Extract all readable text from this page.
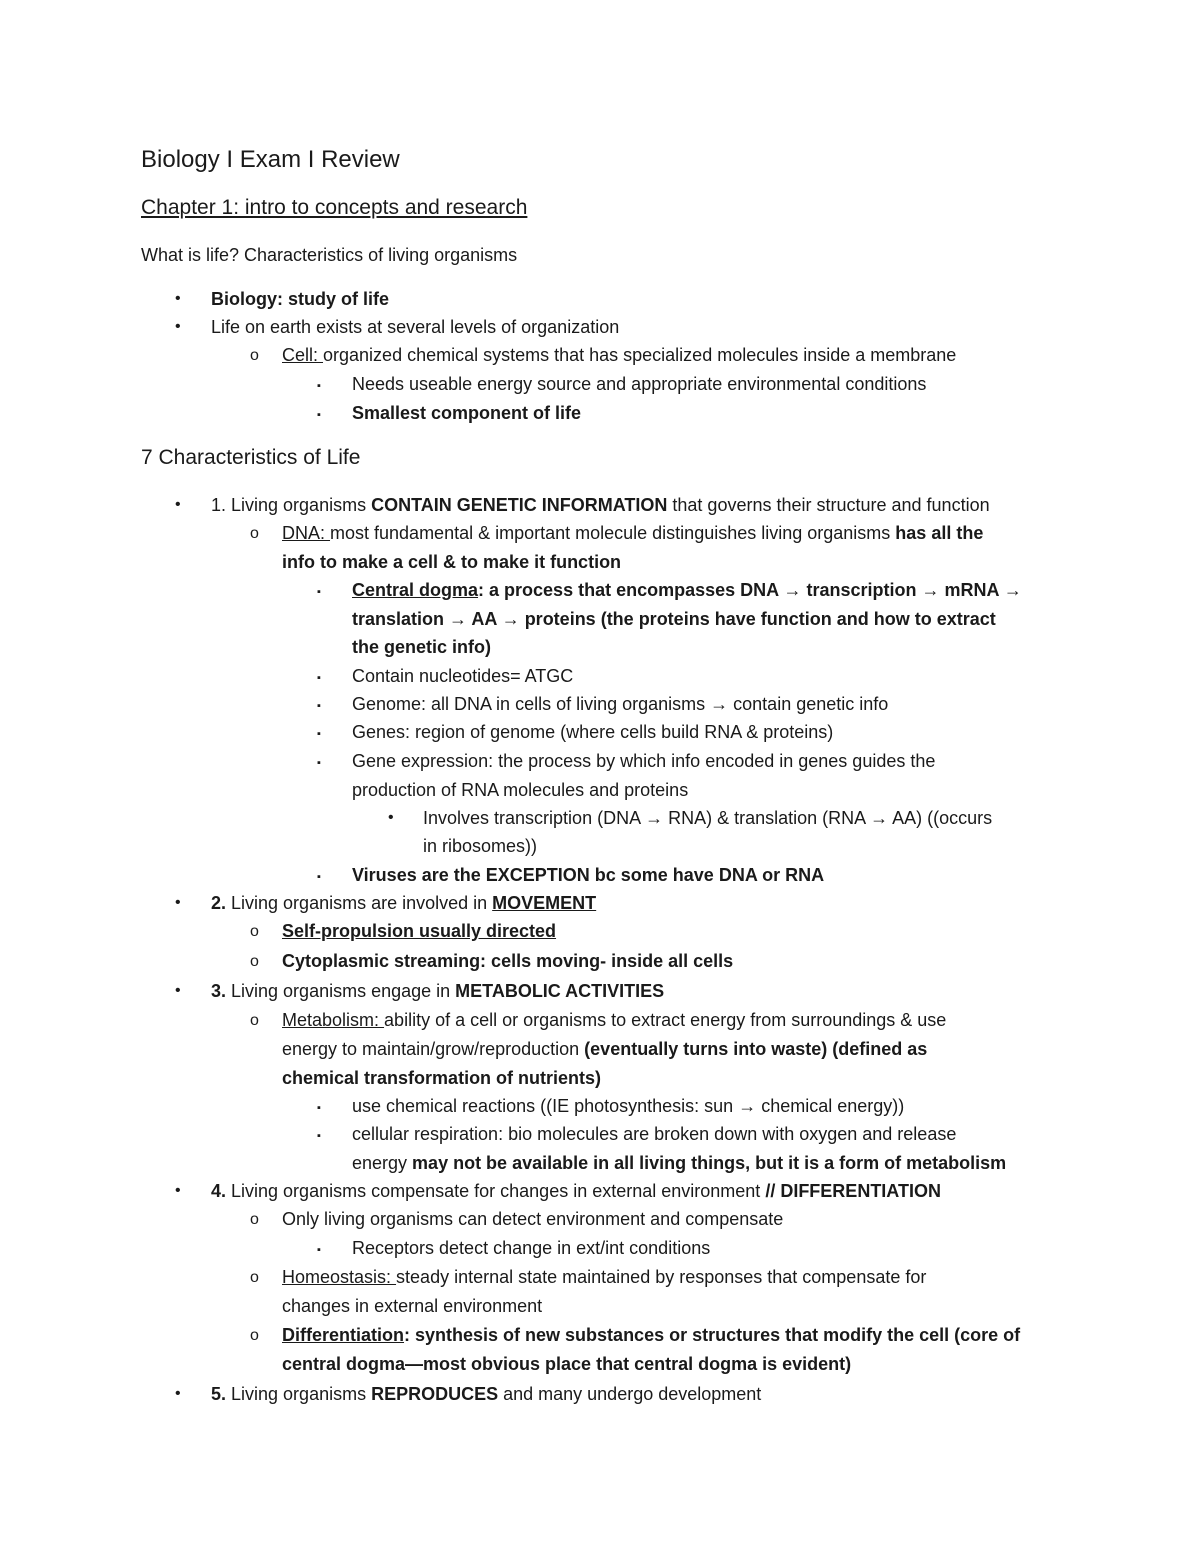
Biology I Exam I Review
Chapter 1: intro to concepts and research
What is life? Characteristics of living organisms
• Biology: study of life
• Life on earth exists at several levels of organization
o Cell: organized chemical systems that has specialized molecules inside a membrane
▪ Needs useable energy source and appropriate environmental conditions
▪ Smallest component of life
7 Characteristics of Life
• 1. Living organisms CONTAIN GENETIC INFORMATION that governs their structure and function
o DNA: most fundamental & important molecule distinguishes living organisms has all the
info to make a cell & to make it function
▪ Central dogma: a process that encompasses DNA → transcription → mRNA →
translation → AA → proteins (the proteins have function and how to extract
the genetic info)
▪ Contain nucleotides= ATGC
▪ Genome: all DNA in cells of living organisms → contain genetic info
▪ Genes: region of genome (where cells build RNA & proteins)
▪ Gene expression: the process by which info encoded in genes guides the
production of RNA molecules and proteins
• Involves transcription (DNA → RNA) & translation (RNA → AA) ((occurs
in ribosomes))
▪ Viruses are the EXCEPTION bc some have DNA or RNA
• 2. Living organisms are involved in MOVEMENT
o Self-propulsion usually directed
o Cytoplasmic streaming: cells moving- inside all cells
• 3. Living organisms engage in METABOLIC ACTIVITIES
o Metabolism: ability of a cell or organisms to extract energy from surroundings & use
energy to maintain/grow/reproduction (eventually turns into waste) (defined as
chemical transformation of nutrients)
▪ use chemical reactions ((IE photosynthesis: sun → chemical energy))
▪ cellular respiration: bio molecules are broken down with oxygen and release
energy may not be available in all living things, but it is a form of metabolism
• 4. Living organisms compensate for changes in external environment // DIFFERENTIATION
o Only living organisms can detect environment and compensate
▪ Receptors detect change in ext/int conditions
o Homeostasis: steady internal state maintained by responses that compensate for
changes in external environment
o Differentiation: synthesis of new substances or structures that modify the cell (core of
central dogma—most obvious place that central dogma is evident)
• 5. Living organisms REPRODUCES and many undergo development
